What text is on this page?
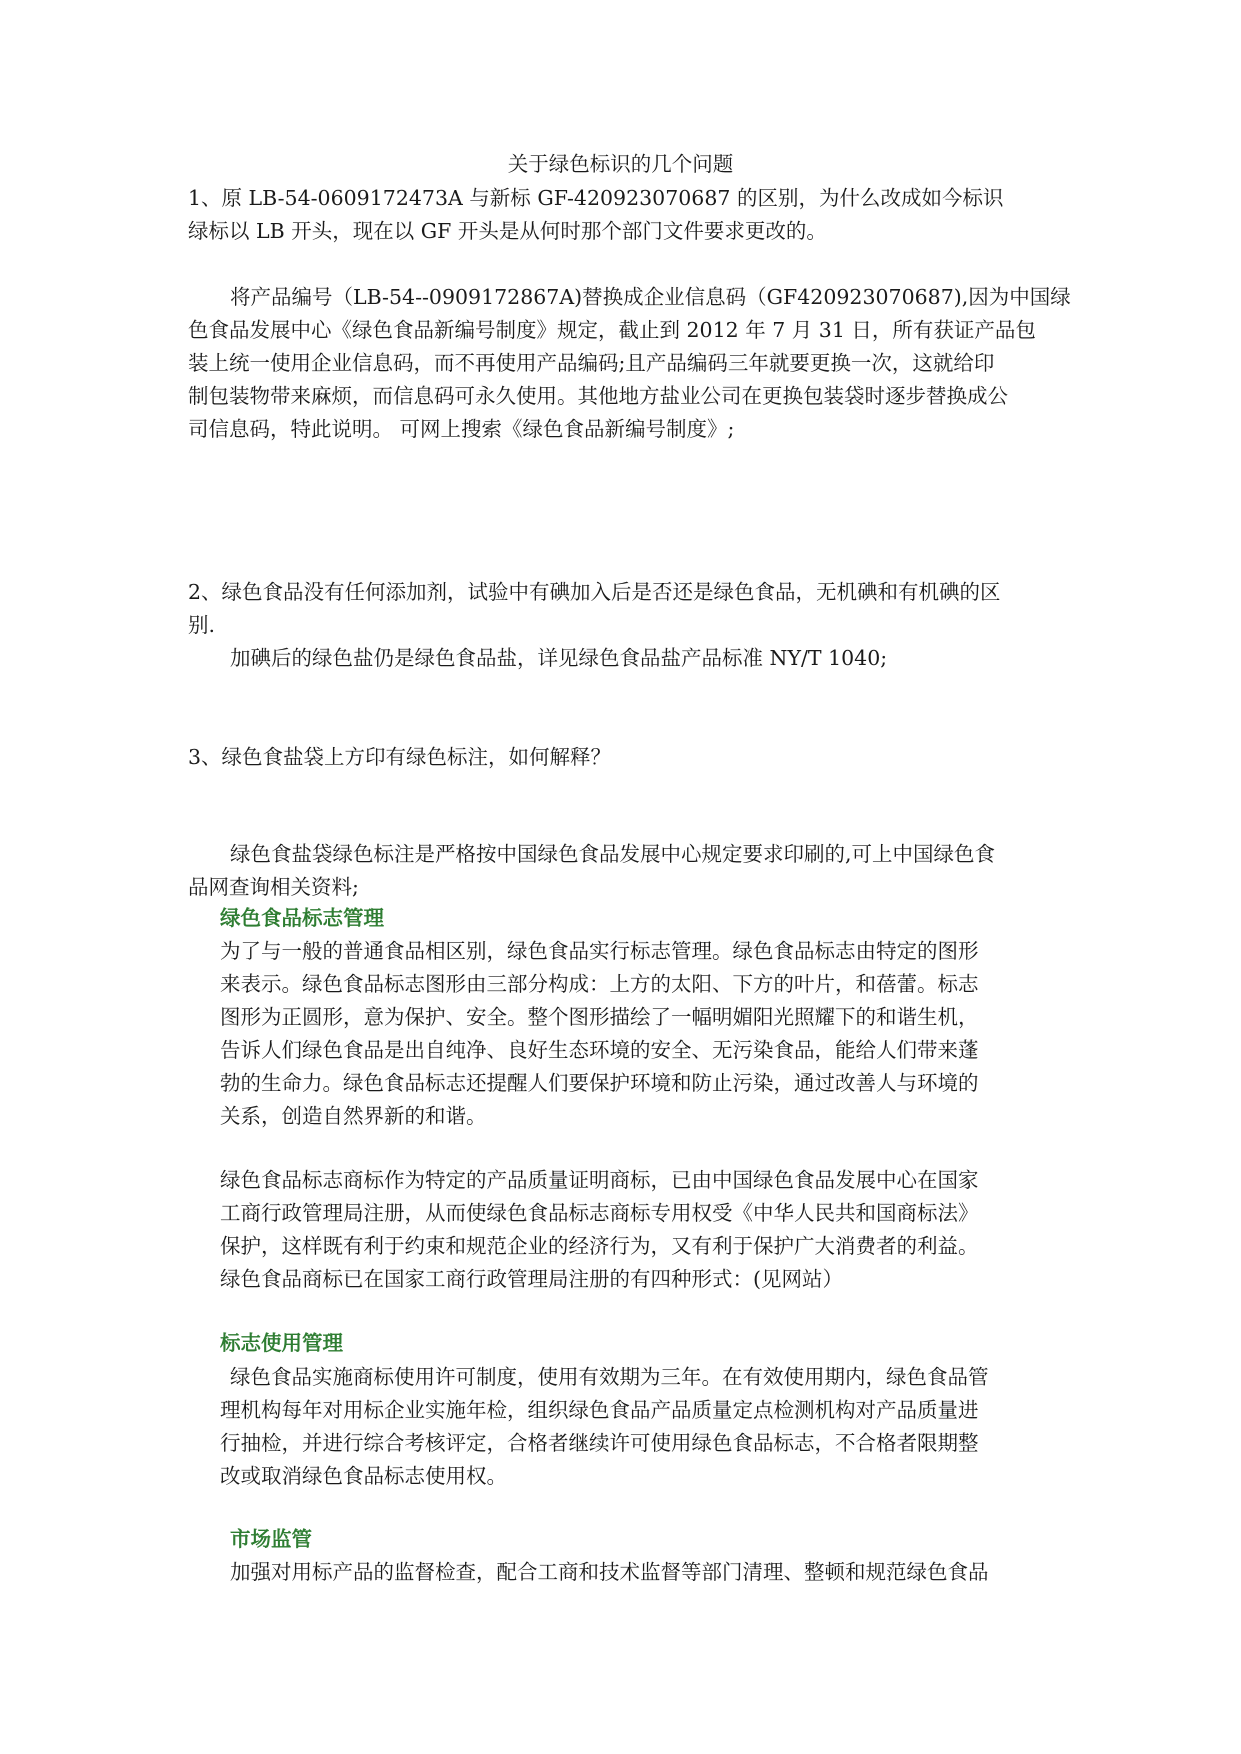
关于绿色标识的几个问题
1、原 LB-54-0609172473A 与新标 GF-420923070687 的区别，为什么改成如今标识
绿标以 LB 开头，现在以 GF 开头是从何时那个部门文件要求更改的。
将产品编号（LB-54--0909172867A)替换成企业信息码（GF420923070687),因为中国绿
色食品发展中心《绿色食品新编号制度》规定，截止到 2012 年 7 月 31 日，所有获证产品包
装上统一使用企业信息码，而不再使用产品编码;且产品编码三年就要更换一次，这就给印
制包装物带来麻烦，而信息码可永久使用。其他地方盐业公司在更换包装袋时逐步替换成公
司信息码，特此说明。 可网上搜索《绿色食品新编号制度》;
2、绿色食品没有任何添加剂，试验中有碘加入后是否还是绿色食品，无机碘和有机碘的区
别.
加碘后的绿色盐仍是绿色食品盐，详见绿色食品盐产品标准 NY/T 1040;
3、绿色食盐袋上方印有绿色标注，如何解释？
绿色食盐袋绿色标注是严格按中国绿色食品发展中心规定要求印刷的,可上中国绿色食
品网查询相关资料;
绿色食品标志管理
为了与一般的普通食品相区别，绿色食品实行标志管理。绿色食品标志由特定的图形
来表示。绿色食品标志图形由三部分构成：上方的太阳、下方的叶片，和蓓蕾。标志
图形为正圆形，意为保护、安全。整个图形描绘了一幅明媚阳光照耀下的和谐生机，
告诉人们绿色食品是出自纯净、良好生态环境的安全、无污染食品，能给人们带来蓬
勃的生命力。绿色食品标志还提醒人们要保护环境和防止污染，通过改善人与环境的
关系，创造自然界新的和谐。
绿色食品标志商标作为特定的产品质量证明商标，已由中国绿色食品发展中心在国家
工商行政管理局注册，从而使绿色食品标志商标专用权受《中华人民共和国商标法》
保护，这样既有利于约束和规范企业的经济行为，又有利于保护广大消费者的利益。
绿色食品商标已在国家工商行政管理局注册的有四种形式：(见网站）
标志使用管理
绿色食品实施商标使用许可制度，使用有效期为三年。在有效使用期内，绿色食品管
理机构每年对用标企业实施年检，组织绿色食品产品质量定点检测机构对产品质量进
行抽检，并进行综合考核评定，合格者继续许可使用绿色食品标志，不合格者限期整
改或取消绿色食品标志使用权。
市场监管
加强对用标产品的监督检查，配合工商和技术监督等部门清理、整顿和规范绿色食品
